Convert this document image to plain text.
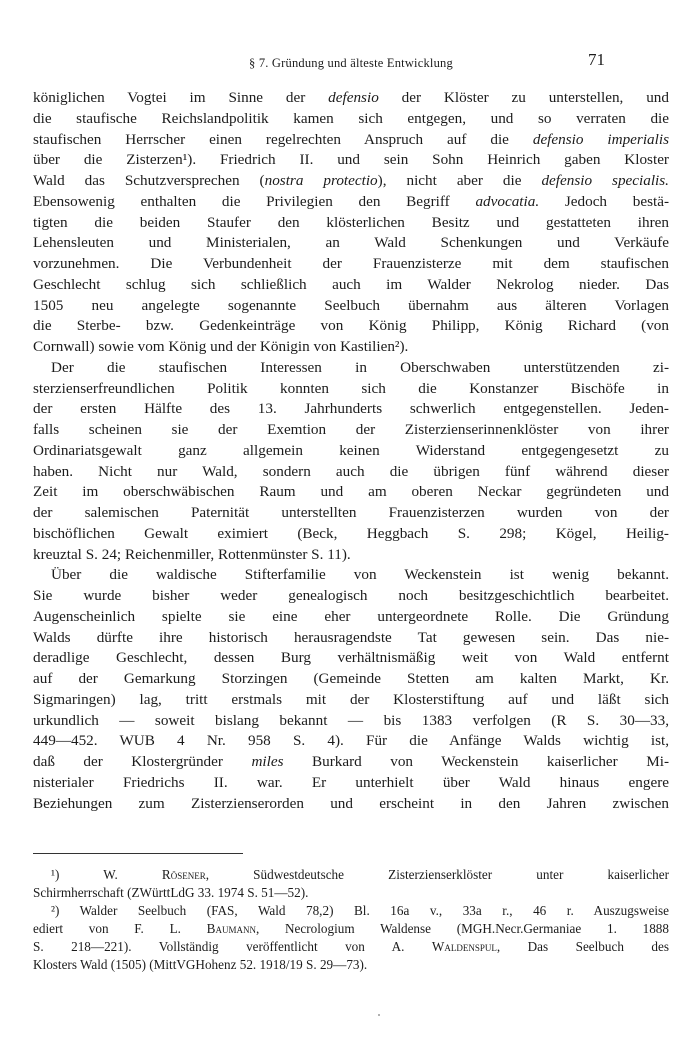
§ 7. Gründung und älteste Entwicklung	71
königlichen Vogtei im Sinne der defensio der Klöster zu unterstellen, und
die staufische Reichslandpolitik kamen sich entgegen, und so verraten die
staufischen Herrscher einen regelrechten Anspruch auf die defensio imperialis
über die Zisterzen¹). Friedrich II. und sein Sohn Heinrich gaben Kloster
Wald das Schutzversprechen (nostra protectio), nicht aber die defensio specialis.
Ebensowenig enthalten die Privilegien den Begriff advocatia. Jedoch bestä-
tigten die beiden Staufer den klösterlichen Besitz und gestatteten ihren
Lehensleuten und Ministerialen, an Wald Schenkungen und Verkäufe
vorzunehmen. Die Verbundenheit der Frauenzisterze mit dem staufischen
Geschlecht schlug sich schließlich auch im Walder Nekrolog nieder. Das
1505 neu angelegte sogenannte Seelbuch übernahm aus älteren Vorlagen
die Sterbe- bzw. Gedenkeinträge von König Philipp, König Richard (von
Cornwall) sowie vom König und der Königin von Kastilien²).
Der die staufischen Interessen in Oberschwaben unterstützenden zi-
sterzienserfreundlichen Politik konnten sich die Konstanzer Bischöfe in
der ersten Hälfte des 13. Jahrhunderts schwerlich entgegenstellen. Jeden-
falls scheinen sie der Exemtion der Zisterzienserinnenklöster von ihrer
Ordinariatsgewalt ganz allgemein keinen Widerstand entgegengesetzt zu
haben. Nicht nur Wald, sondern auch die übrigen fünf während dieser
Zeit im oberschwäbischen Raum und am oberen Neckar gegründeten und
der salemischen Paternität unterstellten Frauenzisterzen wurden von der
bischöflichen Gewalt eximiert (Beck, Heggbach S. 298; Kögel, Heilig-
kreuztal S. 24; Reichenmiller, Rottenmünster S. 11).
Über die waldische Stifterfamilie von Weckenstein ist wenig bekannt.
Sie wurde bisher weder genealogisch noch besitzgeschichtlich bearbeitet.
Augenscheinlich spielte sie eine eher untergeordnete Rolle. Die Gründung
Walds dürfte ihre historisch herausragendste Tat gewesen sein. Das nie-
deradlige Geschlecht, dessen Burg verhältnismäßig weit von Wald entfernt
auf der Gemarkung Storzingen (Gemeinde Stetten am kalten Markt, Kr.
Sigmaringen) lag, tritt erstmals mit der Klosterstiftung auf und läßt sich
urkundlich — soweit bislang bekannt — bis 1383 verfolgen (R S. 30—33,
449—452. WUB 4 Nr. 958 S. 4). Für die Anfänge Walds wichtig ist,
daß der Klostergründer miles Burkard von Weckenstein kaiserlicher Mi-
nisterialer Friedrichs II. war. Er unterhielt über Wald hinaus engere
Beziehungen zum Zisterzienserorden und erscheint in den Jahren zwischen
¹) W. Rösener, Südwestdeutsche Zisterzienserklöster unter kaiserlicher
Schirmherrschaft (ZWürttLdG 33. 1974 S. 51—52).
²) Walder Seelbuch (FAS, Wald 78,2) Bl. 16a v., 33a r., 46 r. Auszugsweise
ediert von F. L. Baumann, Necrologium Waldense (MGH.Necr.Germaniae 1. 1888
S. 218—221). Vollständig veröffentlicht von A. Waldenspul, Das Seelbuch des
Klosters Wald (1505) (MittVGHohenz 52. 1918/19 S. 29—73).
